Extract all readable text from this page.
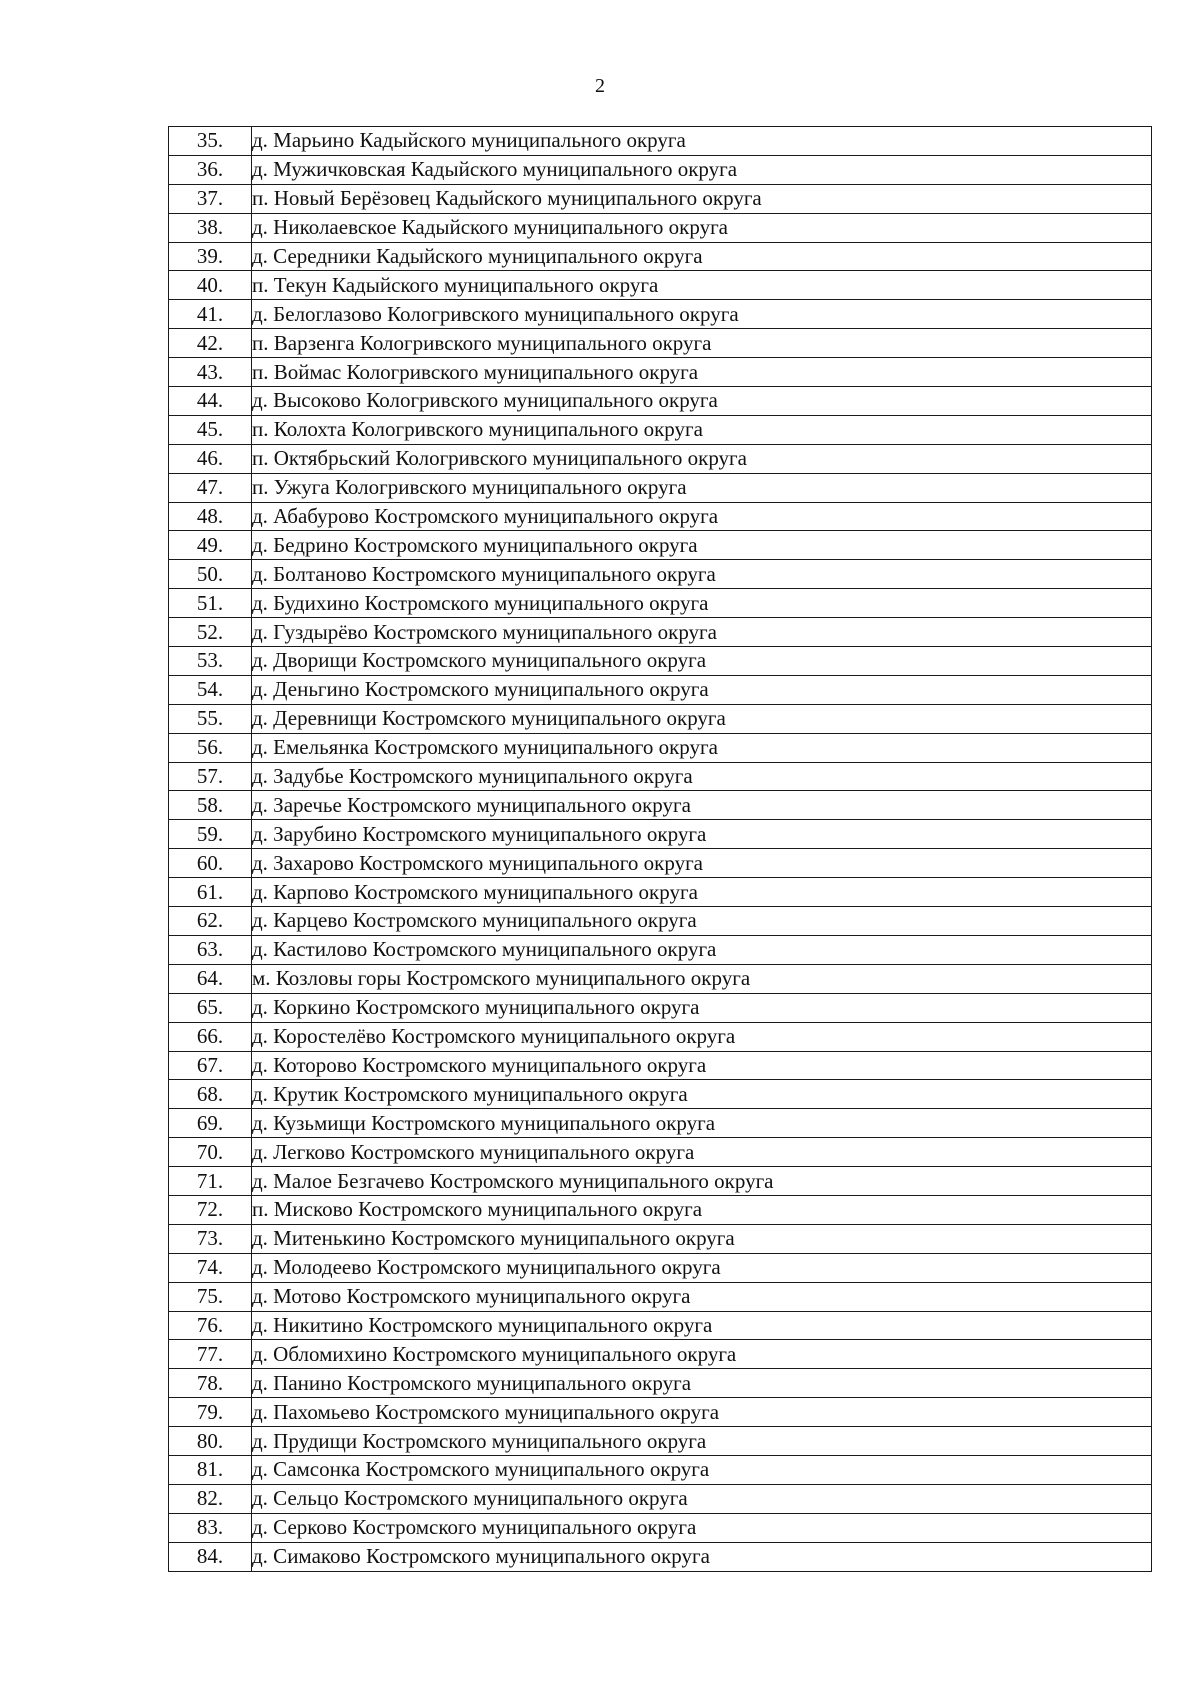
2
35.	д. Марьино Кадыйского муниципального округа
36.	д. Мужичковская Кадыйского муниципального округа
37.	п. Новый Берёзовец Кадыйского муниципального округа
38.	д. Николаевское Кадыйского муниципального округа
39.	д. Середники Кадыйского муниципального округа
40.	п. Текун Кадыйского муниципального округа
41.	д. Белоглазово Кологривского муниципального округа
42.	п. Варзенга Кологривского муниципального округа
43.	п. Воймас Кологривского муниципального округа
44.	д. Высоково Кологривского муниципального округа
45.	п. Колохта Кологривского муниципального округа
46.	п. Октябрьский Кологривского муниципального округа
47.	п. Ужуга Кологривского муниципального округа
48.	д. Абабурово Костромского муниципального округа
49.	д. Бедрино Костромского муниципального округа
50.	д. Болтаново Костромского муниципального округа
51.	д. Будихино Костромского муниципального округа
52.	д. Гуздырёво Костромского муниципального округа
53.	д. Дворищи Костромского муниципального округа
54.	д. Деньгино Костромского муниципального округа
55.	д. Деревнищи Костромского муниципального округа
56.	д. Емельянка Костромского муниципального округа
57.	д. Задубье Костромского муниципального округа
58.	д. Заречье Костромского муниципального округа
59.	д. Зарубино Костромского муниципального округа
60.	д. Захарово Костромского муниципального округа
61.	д. Карпово Костромского муниципального округа
62.	д. Карцево Костромского муниципального округа
63.	д. Кастилово Костромского муниципального округа
64.	м. Козловы горы Костромского муниципального округа
65.	д. Коркино Костромского муниципального округа
66.	д. Коростелёво Костромского муниципального округа
67.	д. Которово Костромского муниципального округа
68.	д. Крутик Костромского муниципального округа
69.	д. Кузьмищи Костромского муниципального округа
70.	д. Легково Костромского муниципального округа
71.	д. Малое Безгачево Костромского муниципального округа
72.	п. Мисково Костромского муниципального округа
73.	д. Митенькино Костромского муниципального округа
74.	д. Молодеево Костромского муниципального округа
75.	д. Мотово Костромского муниципального округа
76.	д. Никитино Костромского муниципального округа
77.	д. Обломихино Костромского муниципального округа
78.	д. Панино Костромского муниципального округа
79.	д. Пахомьево Костромского муниципального округа
80.	д. Прудищи Костромского муниципального округа
81.	д. Самсонка Костромского муниципального округа
82.	д. Сельцо Костромского муниципального округа
83.	д. Серково Костромского муниципального округа
84.	д. Симаково Костромского муниципального округа
